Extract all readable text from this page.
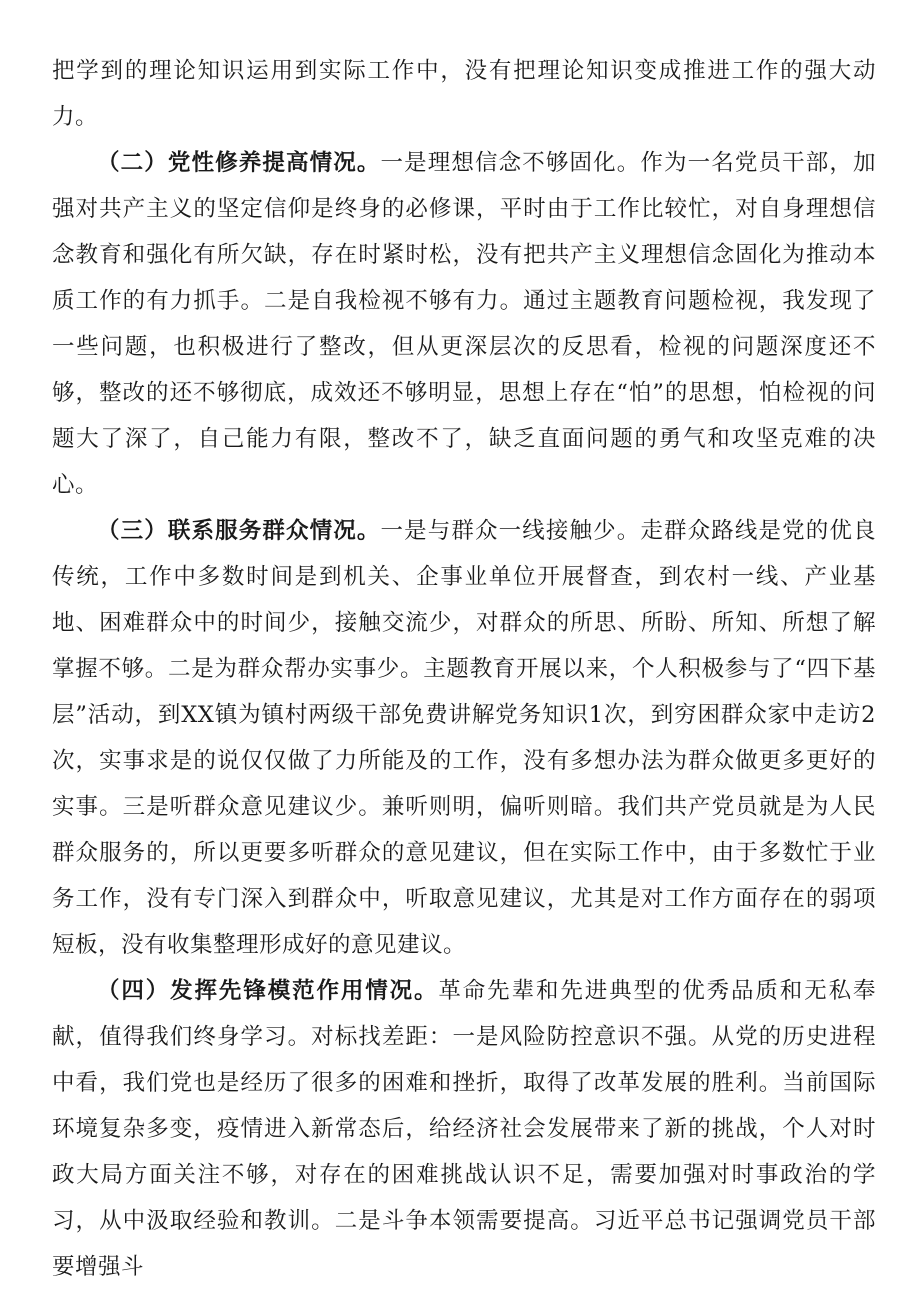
把学到的理论知识运用到实际工作中，没有把理论知识变成推进工作的强大动力。

（二）党性修养提高情况。一是理想信念不够固化。作为一名党员干部，加强对共产主义的坚定信仰是终身的必修课，平时由于工作比较忙，对自身理想信念教育和强化有所欠缺，存在时紧时松，没有把共产主义理想信念固化为推动本质工作的有力抓手。二是自我检视不够有力。通过主题教育问题检视，我发现了一些问题，也积极进行了整改，但从更深层次的反思看，检视的问题深度还不够，整改的还不够彻底，成效还不够明显，思想上存在“怕”的思想，怕检视的问题大了深了，自己能力有限，整改不了，缺乏直面问题的勇气和攻坚克难的决心。

（三）联系服务群众情况。一是与群众一线接触少。走群众路线是党的优良传统，工作中多数时间是到机关、企事业单位开展督查，到农村一线、产业基地、困难群众中的时间少，接触交流少，对群众的所思、所盼、所知、所想了解掌握不够。二是为群众帮办实事少。主题教育开展以来，个人积极参与了“四下基层”活动，到XX镇为镇村两级干部免费讲解党务知识1次，到穷困群众家中走访2次，实事求是的说仅仅做了力所能及的工作，没有多想办法为群众做更多更好的实事。三是听群众意见建议少。兼听则明，偏听则暗。我们共产党员就是为人民群众服务的，所以更要多听群众的意见建议，但在实际工作中，由于多数忙于业务工作，没有专门深入到群众中，听取意见建议，尤其是对工作方面存在的弱项短板，没有收集整理形成好的意见建议。

（四）发挥先锋模范作用情况。革命先辈和先进典型的优秀品质和无私奉献，值得我们终身学习。对标找差距：一是风险防控意识不强。从党的历史进程中看，我们党也是经历了很多的困难和挫折，取得了改革发展的胜利。当前国际环境复杂多变，疫情进入新常态后，给经济社会发展带来了新的挑战，个人对时政大局方面关注不够，对存在的困难挑战认识不足，需要加强对时事政治的学习，从中汲取经验和教训。二是斗争本领需要提高。习近平总书记强调党员干部要增强斗
